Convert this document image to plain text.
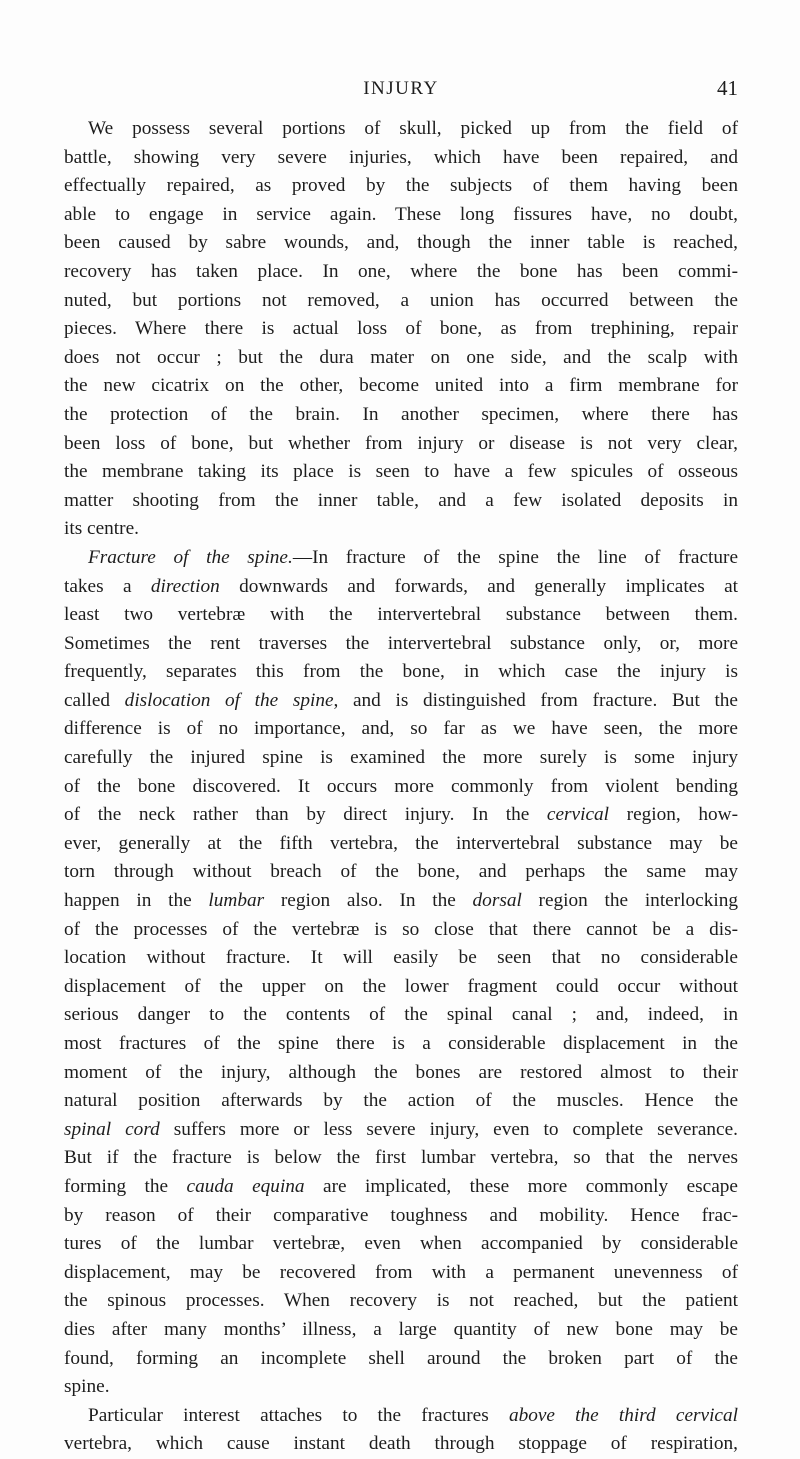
INJURY	41
We possess several portions of skull, picked up from the field of
battle, showing very severe injuries, which have been repaired, and
effectually repaired, as proved by the subjects of them having been
able to engage in service again. These long fissures have, no doubt,
been caused by sabre wounds, and, though the inner table is reached,
recovery has taken place. In one, where the bone has been commi-
nuted, but portions not removed, a union has occurred between the
pieces. Where there is actual loss of bone, as from trephining, repair
does not occur ; but the dura mater on one side, and the scalp with
the new cicatrix on the other, become united into a firm membrane for
the protection of the brain. In another specimen, where there has
been loss of bone, but whether from injury or disease is not very clear,
the membrane taking its place is seen to have a few spicules of osseous
matter shooting from the inner table, and a few isolated deposits in
its centre.
Fracture of the spine.—In fracture of the spine the line of fracture
takes a direction downwards and forwards, and generally implicates at
least two vertebræ with the intervertebral substance between them.
Sometimes the rent traverses the intervertebral substance only, or, more
frequently, separates this from the bone, in which case the injury is
called dislocation of the spine, and is distinguished from fracture. But the
difference is of no importance, and, so far as we have seen, the more
carefully the injured spine is examined the more surely is some injury
of the bone discovered. It occurs more commonly from violent bending
of the neck rather than by direct injury. In the cervical region, how-
ever, generally at the fifth vertebra, the intervertebral substance may be
torn through without breach of the bone, and perhaps the same may
happen in the lumbar region also. In the dorsal region the interlocking
of the processes of the vertebræ is so close that there cannot be a dis-
location without fracture. It will easily be seen that no considerable
displacement of the upper on the lower fragment could occur without
serious danger to the contents of the spinal canal ; and, indeed, in
most fractures of the spine there is a considerable displacement in the
moment of the injury, although the bones are restored almost to their
natural position afterwards by the action of the muscles. Hence the
spinal cord suffers more or less severe injury, even to complete severance.
But if the fracture is below the first lumbar vertebra, so that the nerves
forming the cauda equina are implicated, these more commonly escape
by reason of their comparative toughness and mobility. Hence frac-
tures of the lumbar vertebræ, even when accompanied by considerable
displacement, may be recovered from with a permanent unevenness of
the spinous processes. When recovery is not reached, but the patient
dies after many months’ illness, a large quantity of new bone may be
found, forming an incomplete shell around the broken part of the
spine.
Particular interest attaches to the fractures above the third cervical
vertebra, which cause instant death through stoppage of respiration,
